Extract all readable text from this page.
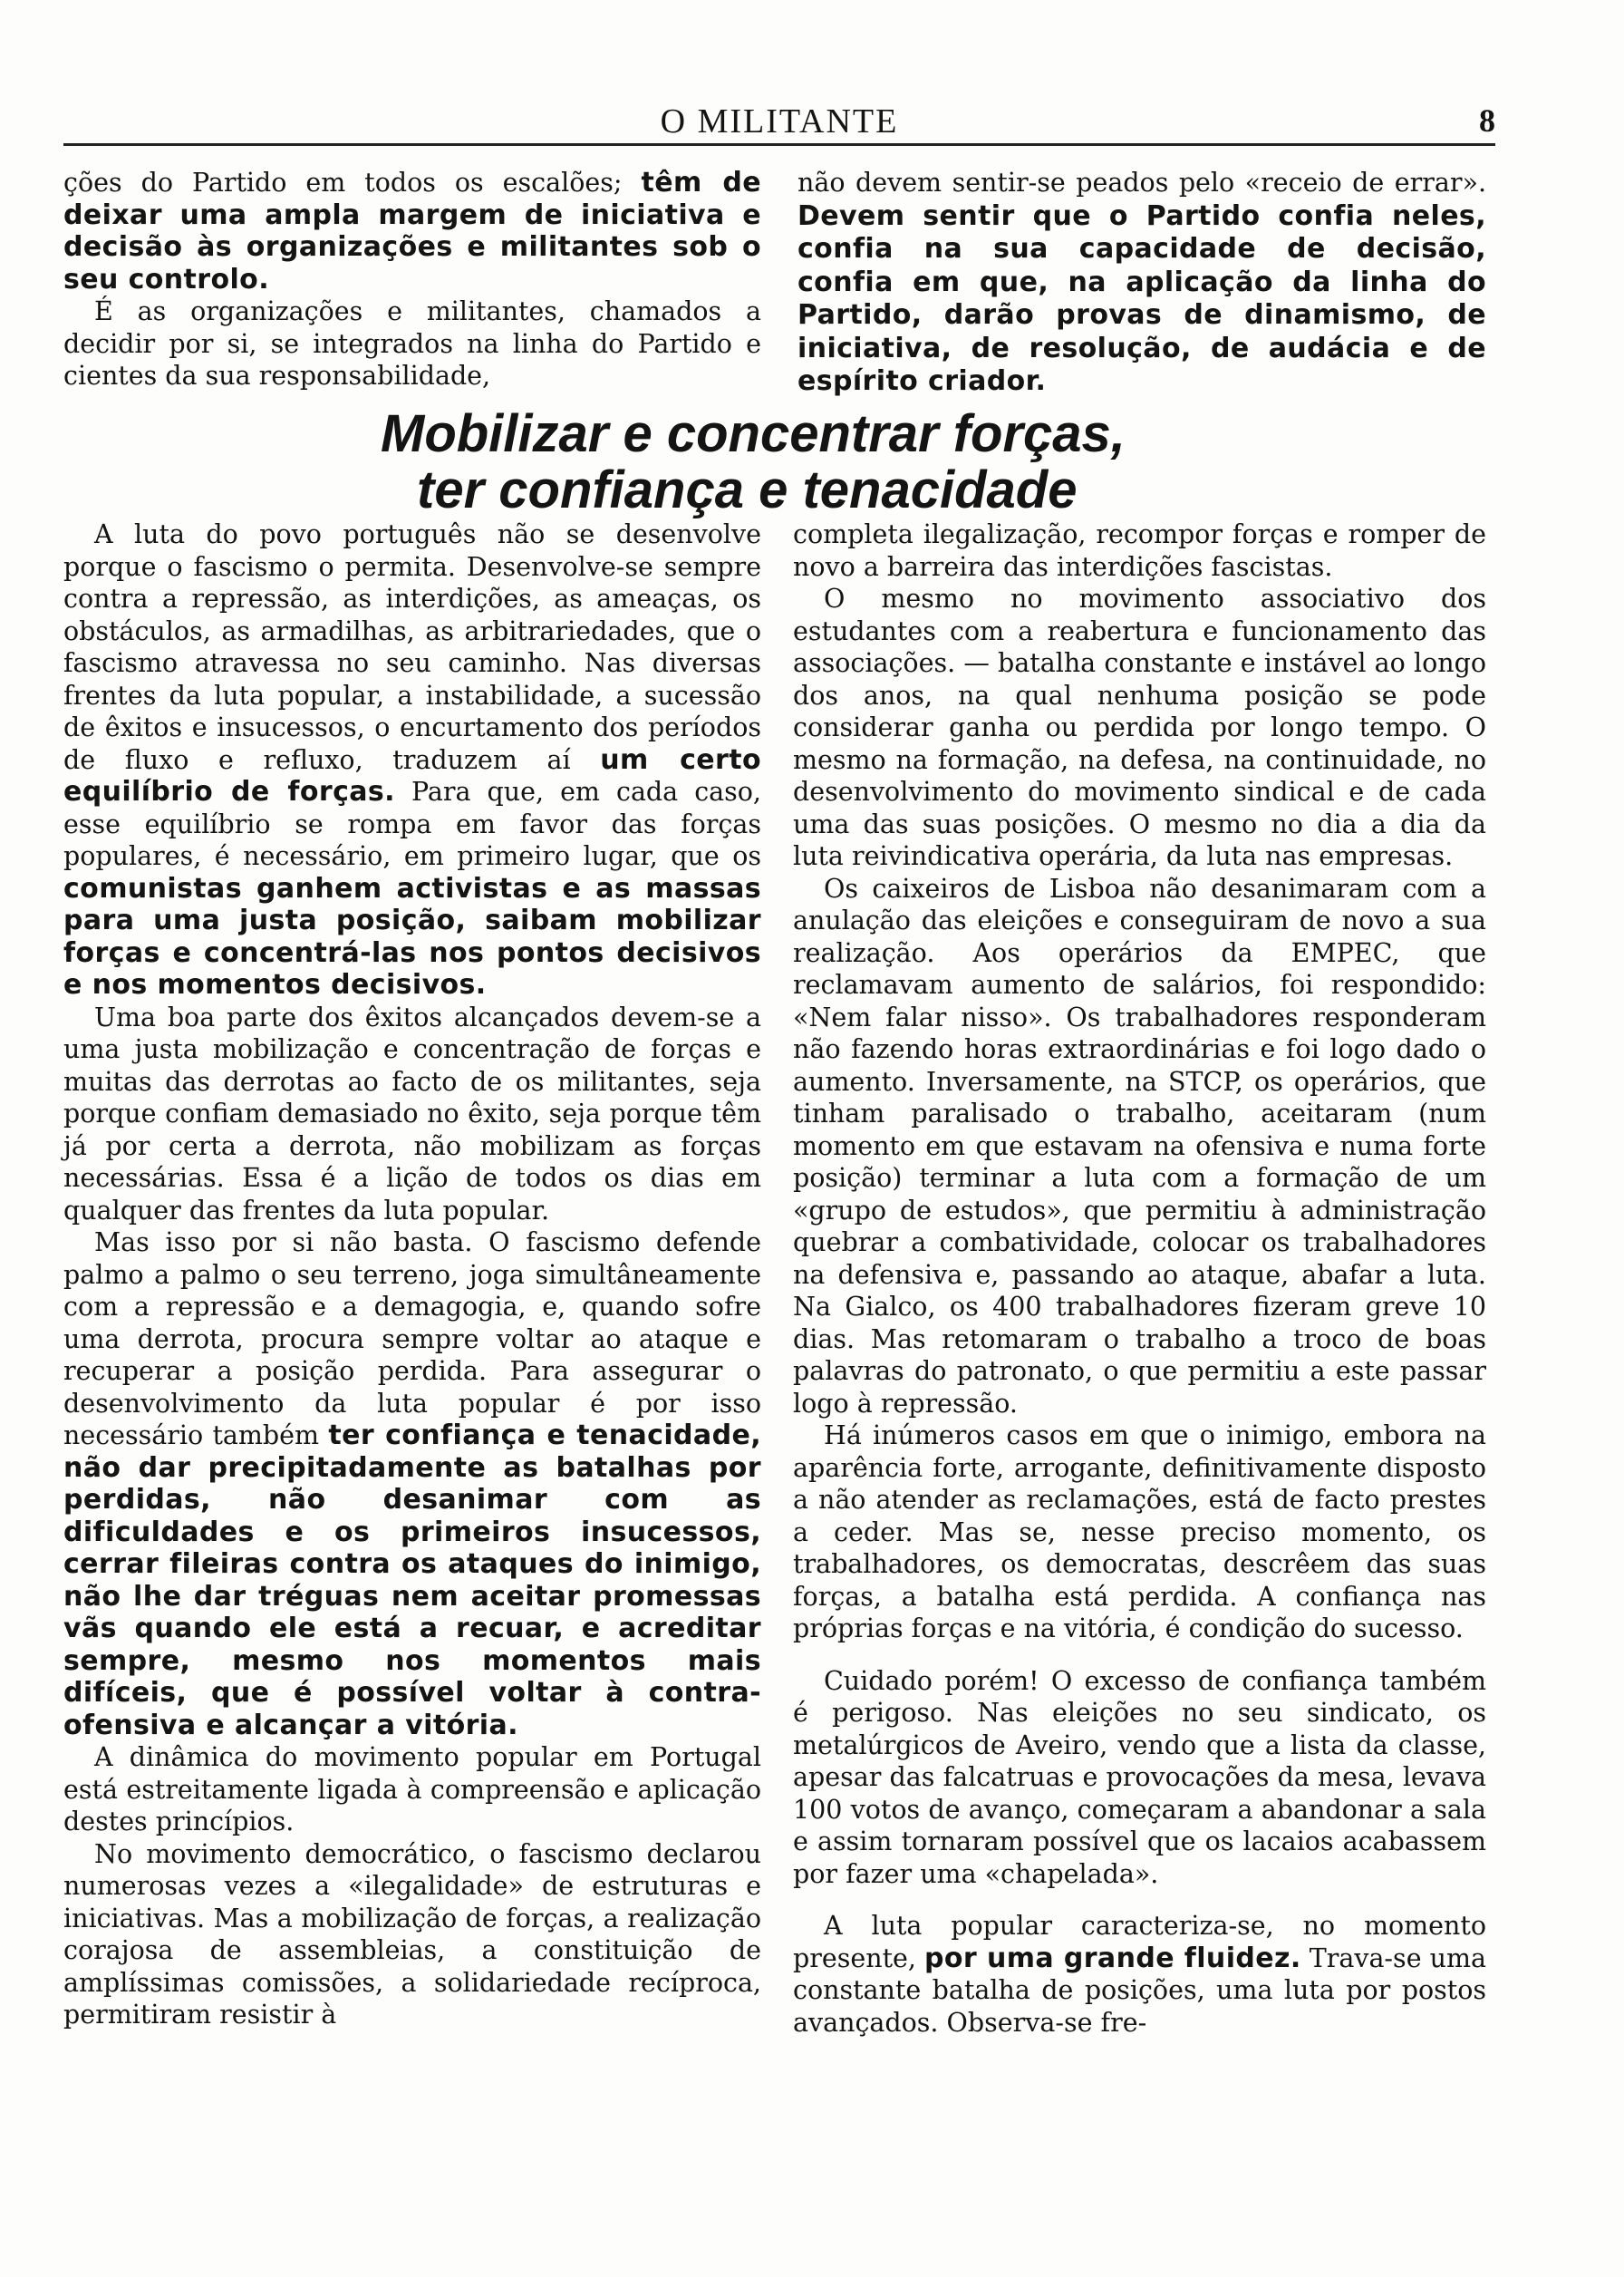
O MILITANTE	8

ções do Partido em todos os escalões; têm de deixar uma ampla margem de iniciativa e decisão às organizações e militantes sob o seu controlo.

É as organizações e militantes, chamados a decidir por si, se integrados na linha do Partido e cientes da sua responsabilidade,

não devem sentir-se peados pelo «receio de errar». Devem sentir que o Partido confia neles, confia na sua capacidade de decisão, confia em que, na aplicação da linha do Partido, darão provas de dinamismo, de iniciativa, de resolução, de audácia e de espírito criador.

Mobilizar e concentrar forças,
ter confiança e tenacidade

A luta do povo português não se desenvolve porque o fascismo o permita. Desenvolve-se sempre contra a repressão, as interdições, as ameaças, os obstáculos, as armadilhas, as arbitrariedades, que o fascismo atravessa no seu caminho. Nas diversas frentes da luta popular, a instabilidade, a sucessão de êxitos e insucessos, o encurtamento dos períodos de fluxo e refluxo, traduzem aí um certo equilíbrio de forças. Para que, em cada caso, esse equilíbrio se rompa em favor das forças populares, é necessário, em primeiro lugar, que os comunistas ganhem activistas e as massas para uma justa posição, saibam mobilizar forças e concentrá-las nos pontos decisivos e nos momentos decisivos.

Uma boa parte dos êxitos alcançados devem-se a uma justa mobilização e concentração de forças e muitas das derrotas ao facto de os militantes, seja porque confiam demasiado no êxito, seja porque têm já por certa a derrota, não mobilizam as forças necessárias. Essa é a lição de todos os dias em qualquer das frentes da luta popular.

Mas isso por si não basta. O fascismo defende palmo a palmo o seu terreno, joga simultâneamente com a repressão e a demagogia, e, quando sofre uma derrota, procura sempre voltar ao ataque e recuperar a posição perdida. Para assegurar o desenvolvimento da luta popular é por isso necessário também ter confiança e tenacidade, não dar precipitadamente as batalhas por perdidas, não desanimar com as dificuldades e os primeiros insucessos, cerrar fileiras contra os ataques do inimigo, não lhe dar tréguas nem aceitar promessas vãs quando ele está a recuar, e acreditar sempre, mesmo nos momentos mais difíceis, que é possível voltar à contra-ofensiva e alcançar a vitória.

A dinâmica do movimento popular em Portugal está estreitamente ligada à compreensão e aplicação destes princípios.

No movimento democrático, o fascismo declarou numerosas vezes a «ilegalidade» de estruturas e iniciativas. Mas a mobilização de forças, a realização corajosa de assembleias, a constituição de amplíssimas comissões, a solidariedade recíproca, permitiram resistir à

completa ilegalização, recompor forças e romper de novo a barreira das interdições fascistas.

O mesmo no movimento associativo dos estudantes com a reabertura e funcionamento das associações. — batalha constante e instável ao longo dos anos, na qual nenhuma posição se pode considerar ganha ou perdida por longo tempo. O mesmo na formação, na defesa, na continuidade, no desenvolvimento do movimento sindical e de cada uma das suas posições. O mesmo no dia a dia da luta reivindicativa operária, da luta nas empresas.

Os caixeiros de Lisboa não desanimaram com a anulação das eleições e conseguiram de novo a sua realização. Aos operários da EMPEC, que reclamavam aumento de salários, foi respondido: «Nem falar nisso». Os trabalhadores responderam não fazendo horas extraordinárias e foi logo dado o aumento. Inversamente, na STCP, os operários, que tinham paralisado o trabalho, aceitaram (num momento em que estavam na ofensiva e numa forte posição) terminar a luta com a formação de um «grupo de estudos», que permitiu à administração quebrar a combatividade, colocar os trabalhadores na defensiva e, passando ao ataque, abafar a luta. Na Gialco, os 400 trabalhadores fizeram greve 10 dias. Mas retomaram o trabalho a troco de boas palavras do patronato, o que permitiu a este passar logo à repressão.

Há inúmeros casos em que o inimigo, embora na aparência forte, arrogante, definitivamente disposto a não atender as reclamações, está de facto prestes a ceder. Mas se, nesse preciso momento, os trabalhadores, os democratas, descrêem das suas forças, a batalha está perdida. A confiança nas próprias forças e na vitória, é condição do sucesso.

Cuidado porém! O excesso de confiança também é perigoso. Nas eleições no seu sindicato, os metalúrgicos de Aveiro, vendo que a lista da classe, apesar das falcatruas e provocações da mesa, levava 100 votos de avanço, começaram a abandonar a sala e assim tornaram possível que os lacaios acabassem por fazer uma «chapelada».

A luta popular caracteriza-se, no momento presente, por uma grande fluidez. Trava-se uma constante batalha de posições, uma luta por postos avançados. Observa-se fre-
